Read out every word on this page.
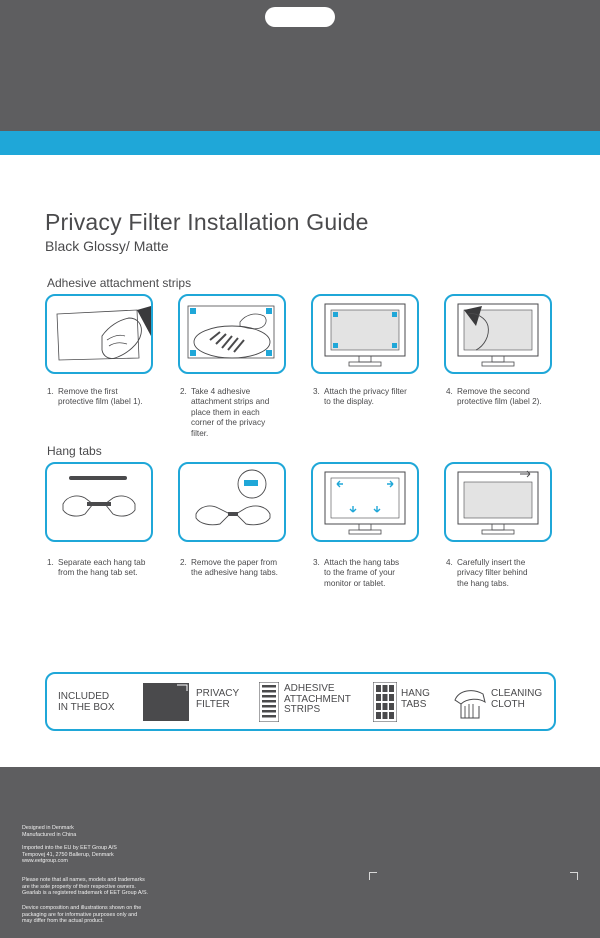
Privacy Filter Installation Guide
Black Glossy/ Matte
Adhesive attachment strips
1. Remove the first
protective film (label 1).
2. Take 4 adhesive
attachment strips and
place them in each
corner of the privacy
filter.
3. Attach the privacy filter
to the display.
4. Remove the second
protective film (label 2).
Hang tabs
1. Separate each hang tab
from the hang tab set.
2. Remove the paper from
the adhesive hang tabs.
3. Attach the hang tabs
to the frame of your
monitor or tablet.
4. Carefully insert the
privacy filter behind
the hang tabs.
INCLUDED
IN THE BOX
PRIVACY
FILTER
ADHESIVE
ATTACHMENT
STRIPS
HANG
TABS
CLEANING
CLOTH
Designed in Denmark
Manufactured in China
Imported into the EU by EET Group A/S
Tempovej 41, 2750 Ballerup, Denmark
www.eetgroup.com
Please note that all names, models and trademarks
are the sole property of their respective owners.
Gearlab is a registered trademark of EET Group A/S.
Device composition and illustrations shown on the
packaging are for informative purposes only and
may differ from the actual product.
